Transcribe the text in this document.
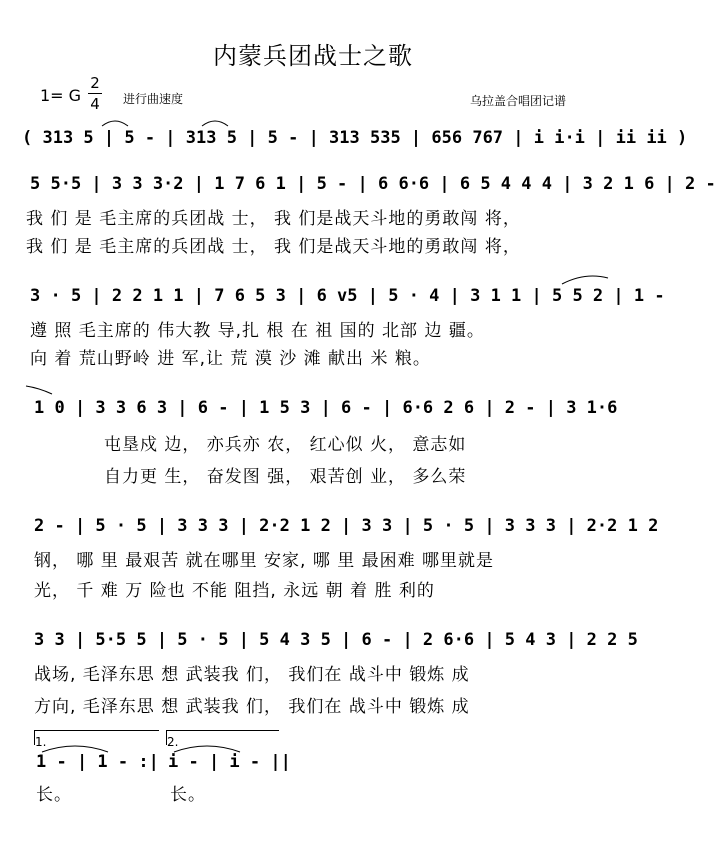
内蒙兵团战士之歌
1= G
2
4 进行曲速度	乌拉盖合唱团记谱
( 313 5 | 5 - | 313 5 | 5 - | 313 535 | 656 767 | i i·i | ii ii )
5 5·5 | 3 3 3·2 | 1 7 6 1 | 5 - | 6 6·6 | 6 5 4 4 4 | 3 2 1 6 | 2 -
我 们 是 毛主席的兵团战 士， 我 们是战天斗地的勇敢闯 将，
我 们 是 毛主席的兵团战 士， 我 们是战天斗地的勇敢闯 将，
3 · 5 | 2 2 1 1 | 7 6 5 3 | 6 v5 | 5 · 4 | 3 1 1 | 5 5 2 | 1 -
遵 照 毛主席的 伟大教 导,扎 根 在 祖 国的 北部 边 疆。
向 着 荒山野岭 进 军,让 荒 漠 沙 滩 献出 米 粮。
1 0 | 3 3 6 3 | 6 - | 1 5 3 | 6 - | 6·6 2 6 | 2 - | 3 1·6
屯垦戍 边， 亦兵亦 农， 红心似 火， 意志如
自力更 生， 奋发图 强， 艰苦创 业， 多么荣
2 - | 5 · 5 | 3 3 3 | 2·2 1 2 | 3 3 | 5 · 5 | 3 3 3 | 2·2 1 2
钢， 哪 里 最艰苦 就在哪里 安家, 哪 里 最困难 哪里就是
光， 千 难 万 险也 不能 阻挡, 永远 朝 着 胜 利的
3 3 | 5·5 5 | 5 · 5 | 5 4 3 5 | 6 - | 2 6·6 | 5 4 3 | 2 2 5
战场, 毛泽东思 想 武装我 们， 我们在 战斗中 锻炼 成
方向, 毛泽东思 想 武装我 们， 我们在 战斗中 锻炼 成
1.	2.
1 - | 1 - :| i - | i - ||
长。	长。
